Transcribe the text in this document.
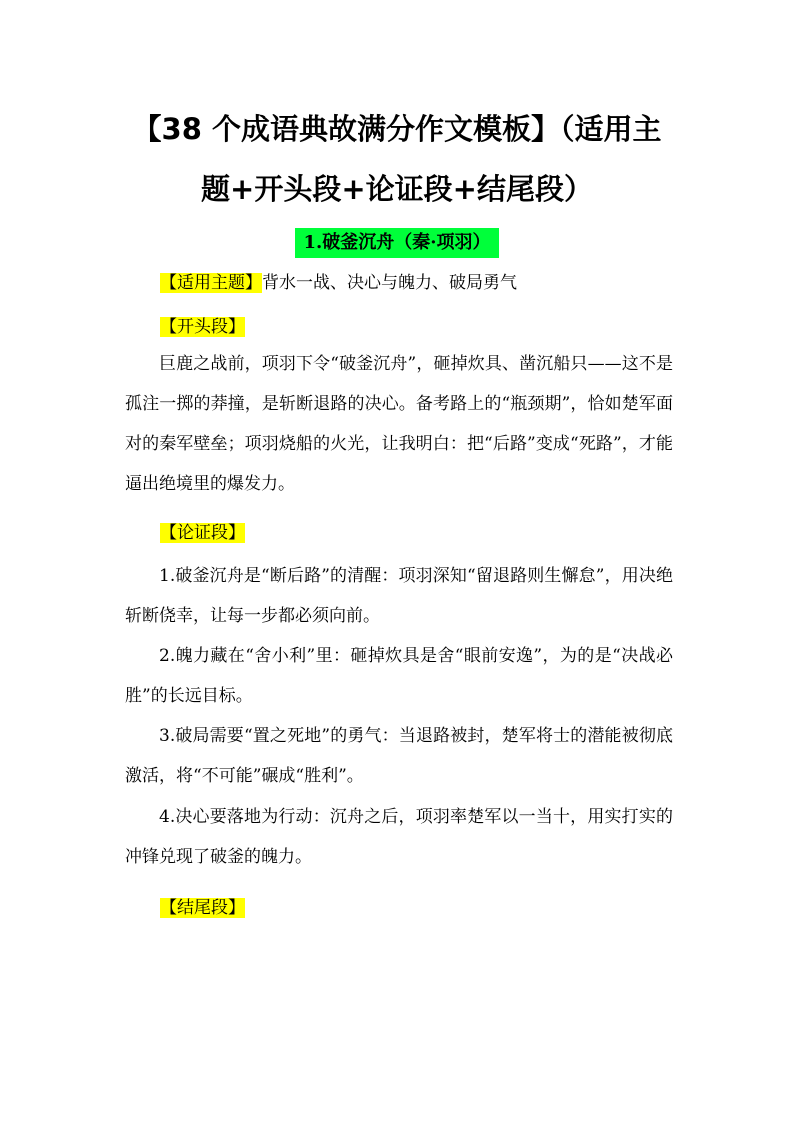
【38 个成语典故满分作文模板】（适用主
题+开头段+论证段+结尾段）
1.破釜沉舟（秦·项羽）
【适用主题】背水一战、决心与魄力、破局勇气
【开头段】

巨鹿之战前，项羽下令“破釜沉舟”，砸掉炊具、凿沉船只——这不是孤注一掷的莽撞，是斩断退路的决心。备考路上的“瓶颈期”，恰如楚军面对的秦军壁垒；项羽烧船的火光，让我明白：把“后路”变成“死路”，才能逼出绝境里的爆发力。

【论证段】

1.破釜沉舟是“断后路”的清醒：项羽深知“留退路则生懈怠”，用决绝斩断侥幸，让每一步都必须向前。

2.魄力藏在“舍小利”里：砸掉炊具是舍“眼前安逸”，为的是“决战必胜”的长远目标。

3.破局需要“置之死地”的勇气：当退路被封，楚军将士的潜能被彻底激活，将“不可能”碾成“胜利”。

4.决心要落地为行动：沉舟之后，项羽率楚军以一当十，用实打实的冲锋兑现了破釜的魄力。

【结尾段】
